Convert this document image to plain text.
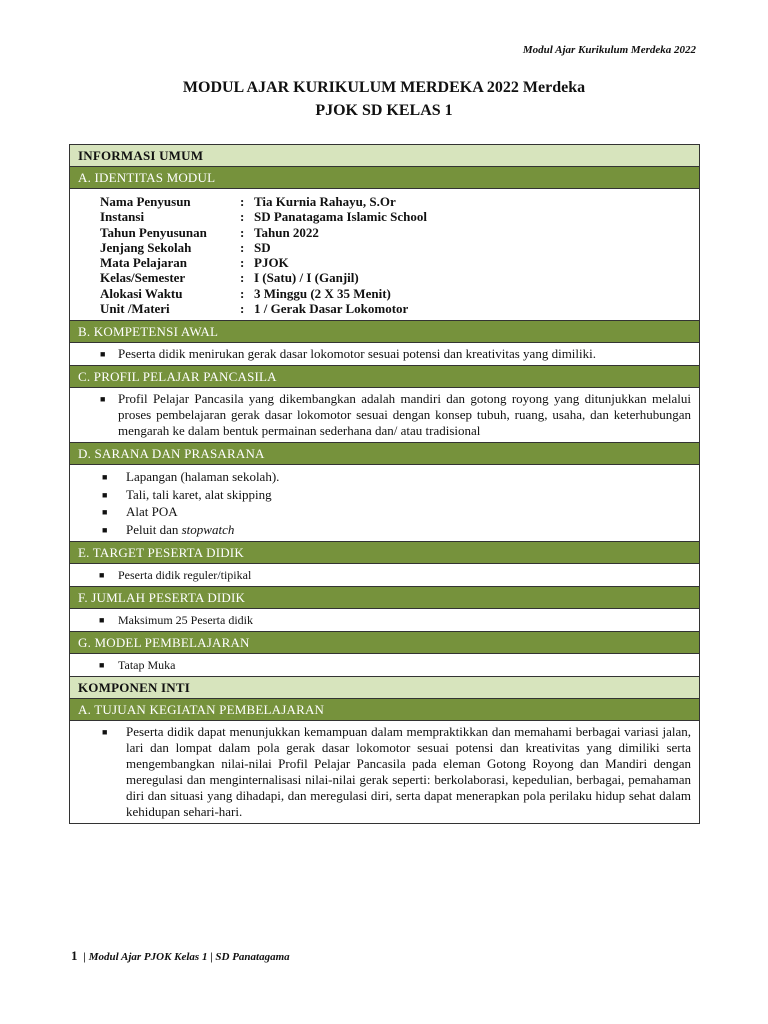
Modul Ajar Kurikulum Merdeka 2022
MODUL AJAR KURIKULUM MERDEKA 2022 Merdeka
PJOK SD KELAS 1
INFORMASI UMUM
A. IDENTITAS MODUL
Nama Penyusun	: Tia Kurnia Rahayu, S.Or
Instansi	: SD Panatagama Islamic School
Tahun Penyusunan	: Tahun 2022
Jenjang Sekolah	: SD
Mata Pelajaran	: PJOK
Kelas/Semester	: I (Satu) / I (Ganjil)
Alokasi Waktu	: 3 Minggu (2 X 35 Menit)
Unit /Materi	: 1 / Gerak Dasar Lokomotor
B. KOMPETENSI AWAL
■ Peserta didik menirukan gerak dasar lokomotor sesuai potensi dan kreativitas yang dimiliki.
C. PROFIL PELAJAR PANCASILA
■ Profil Pelajar Pancasila yang dikembangkan adalah mandiri dan gotong royong yang ditunjukkan melalui proses pembelajaran gerak dasar lokomotor sesuai dengan konsep tubuh, ruang, usaha, dan keterhubungan mengarah ke dalam bentuk permainan sederhana dan/ atau tradisional
D. SARANA DAN PRASARANA
■ Lapangan (halaman sekolah).
■ Tali, tali karet, alat skipping
■ Alat POA
■ Peluit dan stopwatch
E. TARGET PESERTA DIDIK
■ Peserta didik reguler/tipikal
F. JUMLAH PESERTA DIDIK
■ Maksimum 25 Peserta didik
G. MODEL PEMBELAJARAN
■ Tatap Muka
KOMPONEN INTI
A. TUJUAN KEGIATAN PEMBELAJARAN
■ Peserta didik dapat menunjukkan kemampuan dalam mempraktikkan dan memahami berbagai variasi jalan, lari dan lompat dalam pola gerak dasar lokomotor sesuai potensi dan kreativitas yang dimiliki serta mengembangkan nilai-nilai Profil Pelajar Pancasila pada eleman Gotong Royong dan Mandiri dengan meregulasi dan menginternalisasi nilai-nilai gerak seperti: berkolaborasi, kepedulian, berbagai, pemahaman diri dan situasi yang dihadapi, dan meregulasi diri, serta dapat menerapkan pola perilaku hidup sehat dalam kehidupan sehari-hari.
1 | Modul Ajar PJOK Kelas 1 | SD Panatagama
